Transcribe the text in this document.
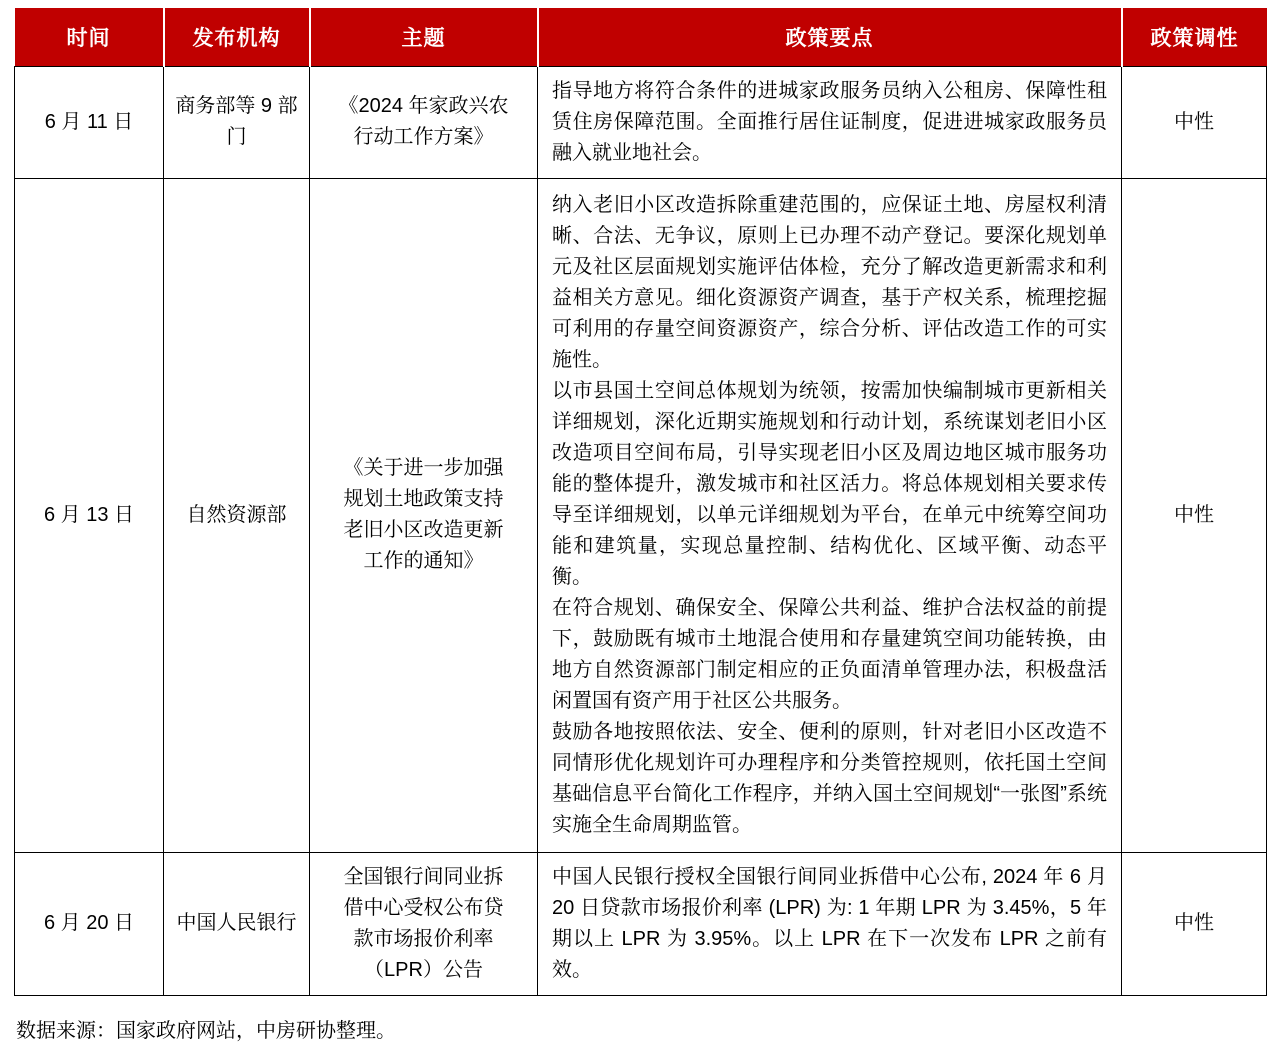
时间	发布机构	主题	政策要点	政策调性
6 月 11 日	商务部等 9 部门	《2024 年家政兴农行动工作方案》	指导地方将符合条件的进城家政服务员纳入公租房、保障性租赁住房保障范围。全面推行居住证制度，促进进城家政服务员融入就业地社会。	中性
6 月 13 日	自然资源部	《关于进一步加强规划土地政策支持老旧小区改造更新工作的通知》	纳入老旧小区改造拆除重建范围的，应保证土地、房屋权利清晰、合法、无争议，原则上已办理不动产登记。要深化规划单元及社区层面规划实施评估体检，充分了解改造更新需求和利益相关方意见。细化资源资产调查，基于产权关系，梳理挖掘可利用的存量空间资源资产，综合分析、评估改造工作的可实施性。

以市县国土空间总体规划为统领，按需加快编制城市更新相关详细规划，深化近期实施规划和行动计划，系统谋划老旧小区改造项目空间布局，引导实现老旧小区及周边地区城市服务功能的整体提升，激发城市和社区活力。将总体规划相关要求传导至详细规划，以单元详细规划为平台，在单元中统筹空间功能和建筑量，实现总量控制、结构优化、区域平衡、动态平衡。

在符合规划、确保安全、保障公共利益、维护合法权益的前提下，鼓励既有城市土地混合使用和存量建筑空间功能转换，由地方自然资源部门制定相应的正负面清单管理办法，积极盘活闲置国有资产用于社区公共服务。

鼓励各地按照依法、安全、便利的原则，针对老旧小区改造不同情形优化规划许可办理程序和分类管控规则，依托国土空间基础信息平台简化工作程序，并纳入国土空间规划“一张图”系统实施全生命周期监管。	中性
6 月 20 日	中国人民银行	全国银行间同业拆借中心受权公布贷款市场报价利率（LPR）公告	中国人民银行授权全国银行间同业拆借中心公布, 2024 年 6 月 20 日贷款市场报价利率 (LPR) 为: 1 年期 LPR 为 3.45%，5 年期以上 LPR 为 3.95%。以上 LPR 在下一次发布 LPR 之前有效。	中性
数据来源：国家政府网站，中房研协整理。
